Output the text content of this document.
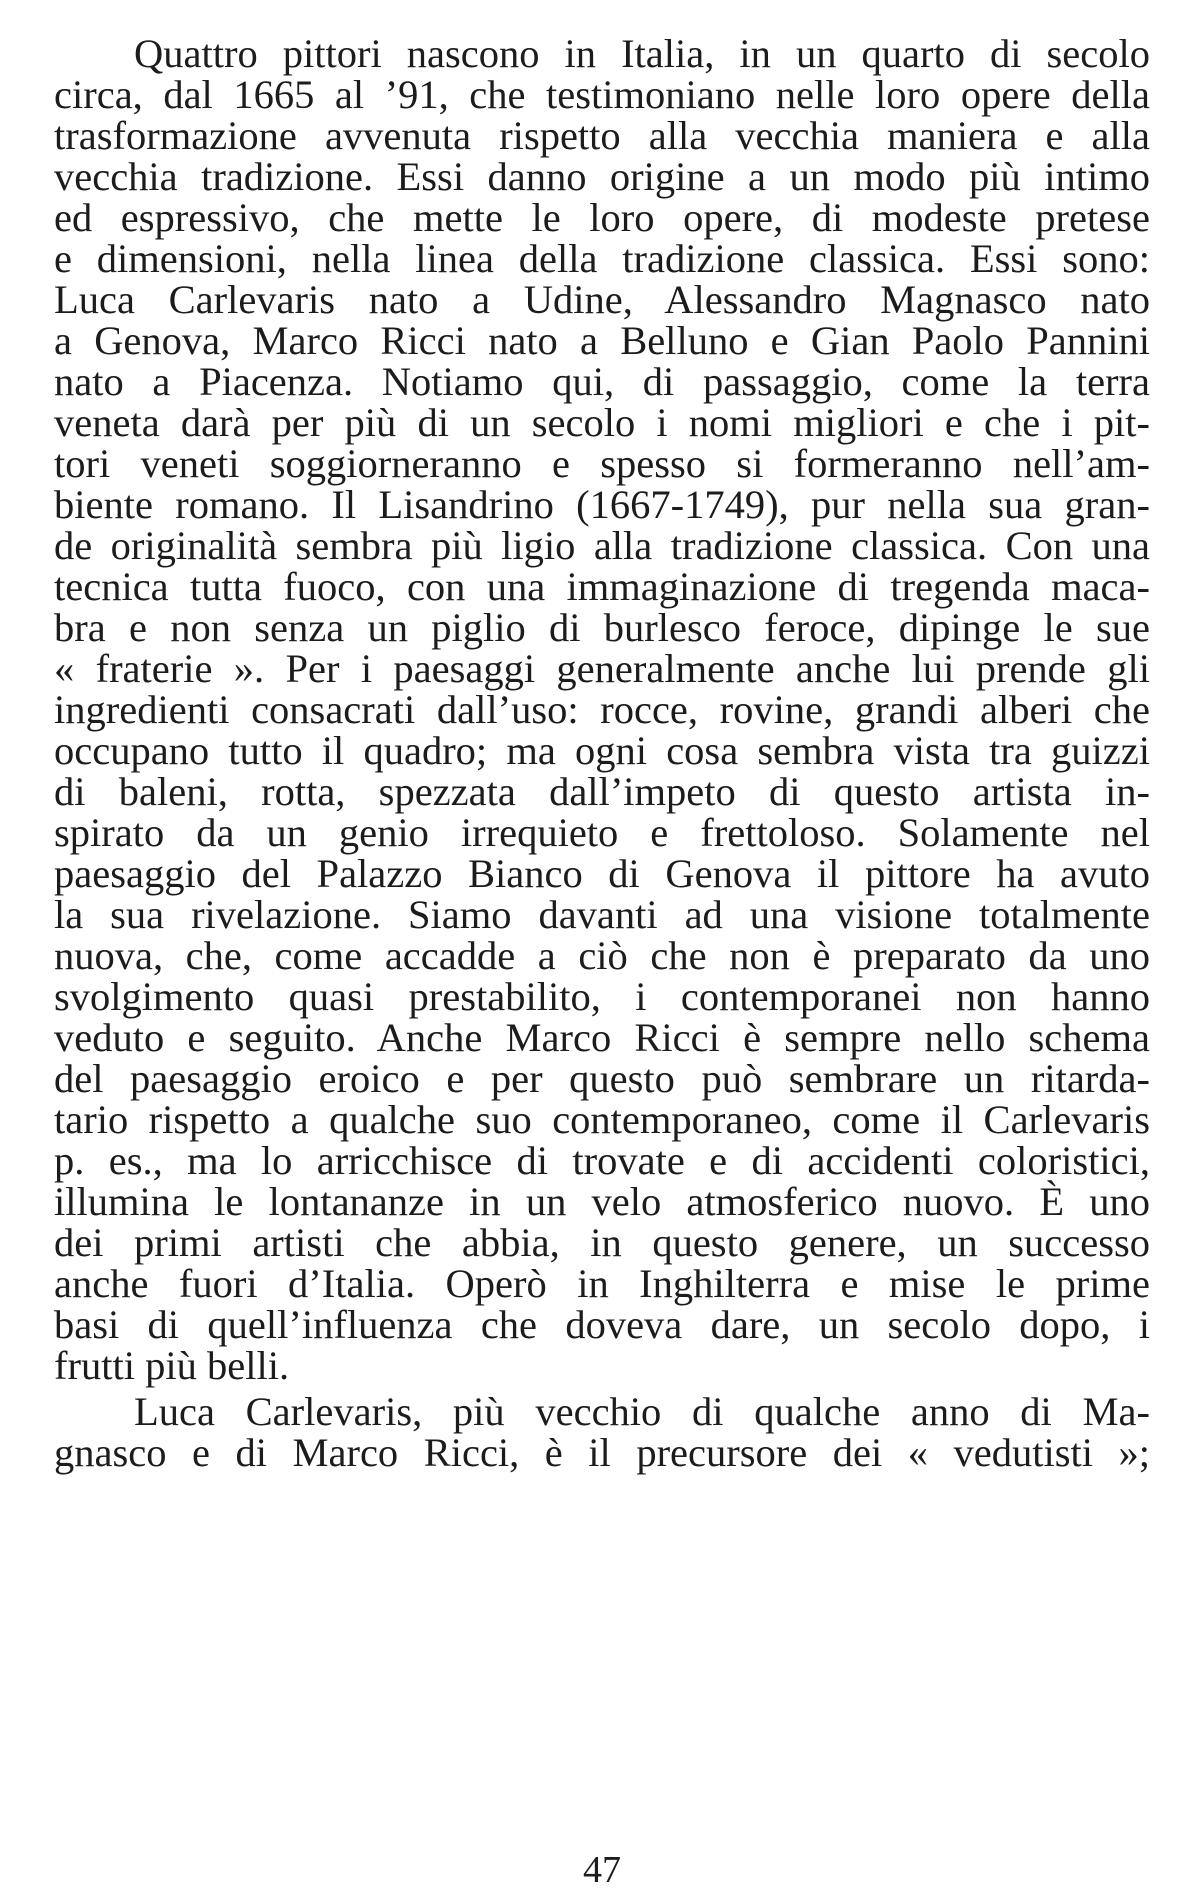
Quattro pittori nascono in Italia, in un quarto di secolo

circa, dal 1665 al ’91, che testimoniano nelle loro opere della

trasformazione avvenuta rispetto alla vecchia maniera e alla

vecchia tradizione. Essi danno origine a un modo più intimo

ed espressivo, che mette le loro opere, di modeste pretese

e dimensioni, nella linea della tradizione classica. Essi sono:

Luca Carlevaris nato a Udine, Alessandro Magnasco nato

a Genova, Marco Ricci nato a Belluno e Gian Paolo Pannini

nato a Piacenza. Notiamo qui, di passaggio, come la terra

veneta darà per più di un secolo i nomi migliori e che i pit-

tori veneti soggiorneranno e spesso si formeranno nell’am-

biente romano. Il Lisandrino (1667-1749), pur nella sua gran-

de originalità sembra più ligio alla tradizione classica. Con una

tecnica tutta fuoco, con una immaginazione di tregenda maca-

bra e non senza un piglio di burlesco feroce, dipinge le sue

« fraterie ». Per i paesaggi generalmente anche lui prende gli

ingredienti consacrati dall’uso: rocce, rovine, grandi alberi che

occupano tutto il quadro; ma ogni cosa sembra vista tra guizzi

di baleni, rotta, spezzata dall’impeto di questo artista in-

spirato da un genio irrequieto e frettoloso. Solamente nel

paesaggio del Palazzo Bianco di Genova il pittore ha avuto

la sua rivelazione. Siamo davanti ad una visione totalmente

nuova, che, come accadde a ciò che non è preparato da uno

svolgimento quasi prestabilito, i contemporanei non hanno

veduto e seguito. Anche Marco Ricci è sempre nello schema

del paesaggio eroico e per questo può sembrare un ritarda-

tario rispetto a qualche suo contemporaneo, come il Carlevaris

p. es., ma lo arricchisce di trovate e di accidenti coloristici,

illumina le lontananze in un velo atmosferico nuovo. È uno

dei primi artisti che abbia, in questo genere, un successo

anche fuori d’Italia. Operò in Inghilterra e mise le prime

basi di quell’influenza che doveva dare, un secolo dopo, i

frutti più belli.

Luca Carlevaris, più vecchio di qualche anno di Ma-

gnasco e di Marco Ricci, è il precursore dei « vedutisti »;

47
